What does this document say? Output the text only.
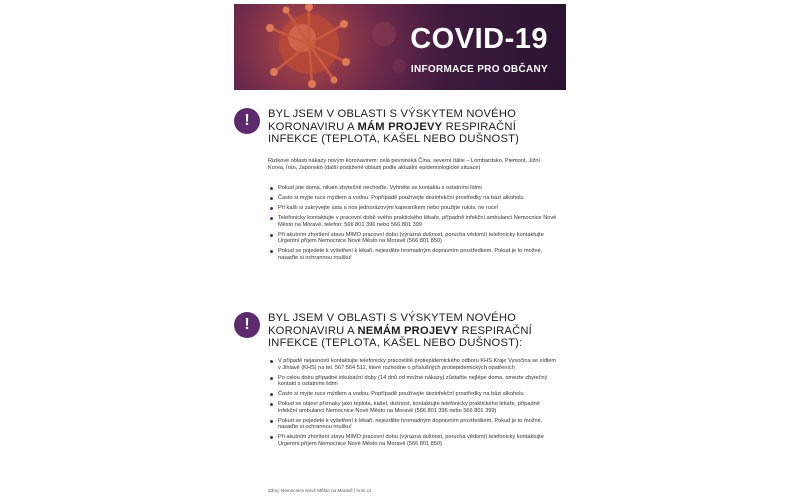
COVID-19
INFORMACE PRO OBČANY
!	BYL JSEM V OBLASTI S VÝSKYTEM NOVÉHO KORONAVIRU A MÁM PROJEVY RESPIRAČNÍ INFEKCE (TEPLOTA, KAŠEL NEBO DUŠNOST)
Rizikové oblasti nákazy novým koronavirem: celá pevninská Čína, severní Itálie – Lombardsko, Piemont, Jižní Korea, Írán, Japonsko (další postižené oblasti podle aktuální epidemiologické situace)
Pokud jste doma, nikam zbytečně nechoďte. Vyhněte se kontaktu s ostatními lidmi
Často si myjte ruce mýdlem a vodou. Popřípadě používejte dezinfekční prostředky na bázi alkoholu
Při kašli si zakrývejte ústa a nos jednorázovým kapesníkem nebo použijte rukáv, ne ruce!
Telefonicky kontaktujte v pracovní době svého praktického lékaře, případně infekční ambulanci Nemocnice Nové Město na Moravě, telefon: 566 801 396 nebo 566 801 399
Při akutním zhoršení stavu MIMO pracovní dobu (výrazná dušnost, porucha vědomí) telefonicky kontaktujte Urgentní příjem Nemocnice Nové Město na Moravě (566 801 850)
Pokud se pojedete k vyšetření k lékaři, nejezděte hromadným dopravním prostředkem. Pokud je to možné, nasaďte si ochrannou roušku!
!	BYL JSEM V OBLASTI S VÝSKYTEM NOVÉHO KORONAVIRU A NEMÁM PROJEVY RESPIRAČNÍ INFEKCE (TEPLOTA, KAŠEL NEBO DUŠNOST):
V případě nejasností kontaktujte telefonicky pracoviště protiepidemického odboru KHS Kraje Vysočina se sídlem v Jihlavě (KHS) na tel. 567 564 511, které rozhodne o příslušných protiepidemických opatřeních
Po celou dobu případné inkubační doby (14 dnů od možné nákazy) zůstaňte nejlépe doma, omezte zbytečný kontakt s ostatními lidmi
Často si myjte ruce mýdlem a vodou. Popřípadě používejte dezinfekční prostředky na bázi alkoholu
Pokud se objeví příznaky jako teplota, kašel, dušnost, kontaktujte telefonicky praktického lékaře, případně infekční ambulanci Nemocnice Nové Město na Moravě (566 801 396 nebo 566 801 399)
Pokud se pojedete k vyšetření k lékaři, nejezděte hromadným dopravním prostředkem. Pokud je to možné, nasaďte si ochrannou roušku!
Při akutním zhoršení stavu MIMO pracovní dobu (výrazná dušnost, porucha vědomí) telefonicky kontaktujte Urgentní příjem Nemocnice Nové Město na Moravě (566 801 850)
Zdroj: Nemocnice Nové Město na Moravě | nnm.cz
